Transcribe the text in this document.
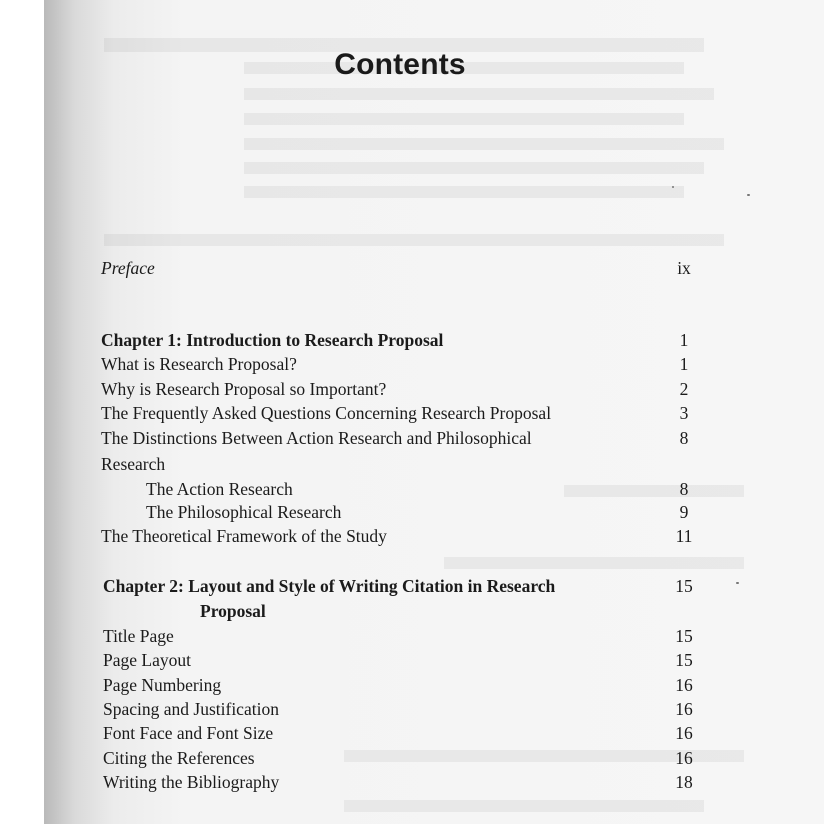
Contents
Preface	ix
Chapter 1: Introduction to Research Proposal	1
What is Research Proposal?	1
Why is Research Proposal so Important?	2
The Frequently Asked Questions Concerning Research Proposal	3
The Distinctions Between Action Research and Philosophical	8
Research
The Action Research	8
The Philosophical Research	9
The Theoretical Framework of the Study	11
Chapter 2: Layout and Style of Writing Citation in Research	15
Proposal
Title Page	15
Page Layout	15
Page Numbering	16
Spacing and Justification	16
Font Face and Font Size	16
Citing the References	16
Writing the Bibliography	18
